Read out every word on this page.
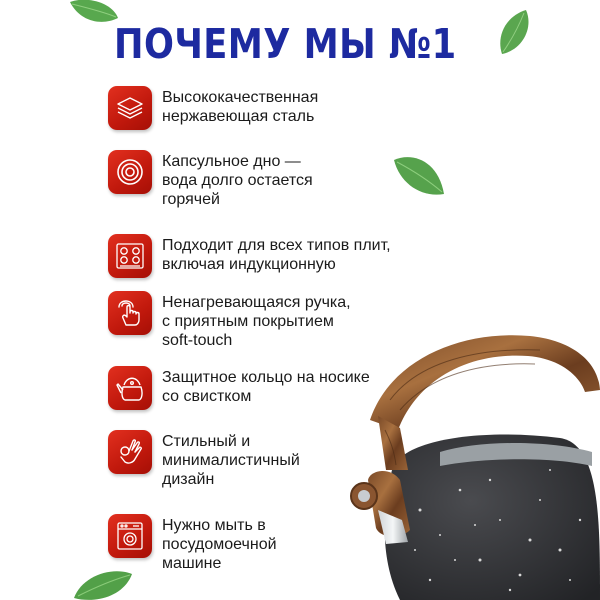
ПОЧЕМУ МЫ №1
Высококачественная
нержавеющая сталь
Капсульное дно —
вода долго остается
горячей
Подходит для всех типов плит,
включая индукционную
Ненагревающаяся ручка,
с приятным покрытием
soft-touch
Защитное кольцо на носике
со свистком
Стильный и
минималистичный
дизайн
Нужно мыть в
посудомоечной
машине
